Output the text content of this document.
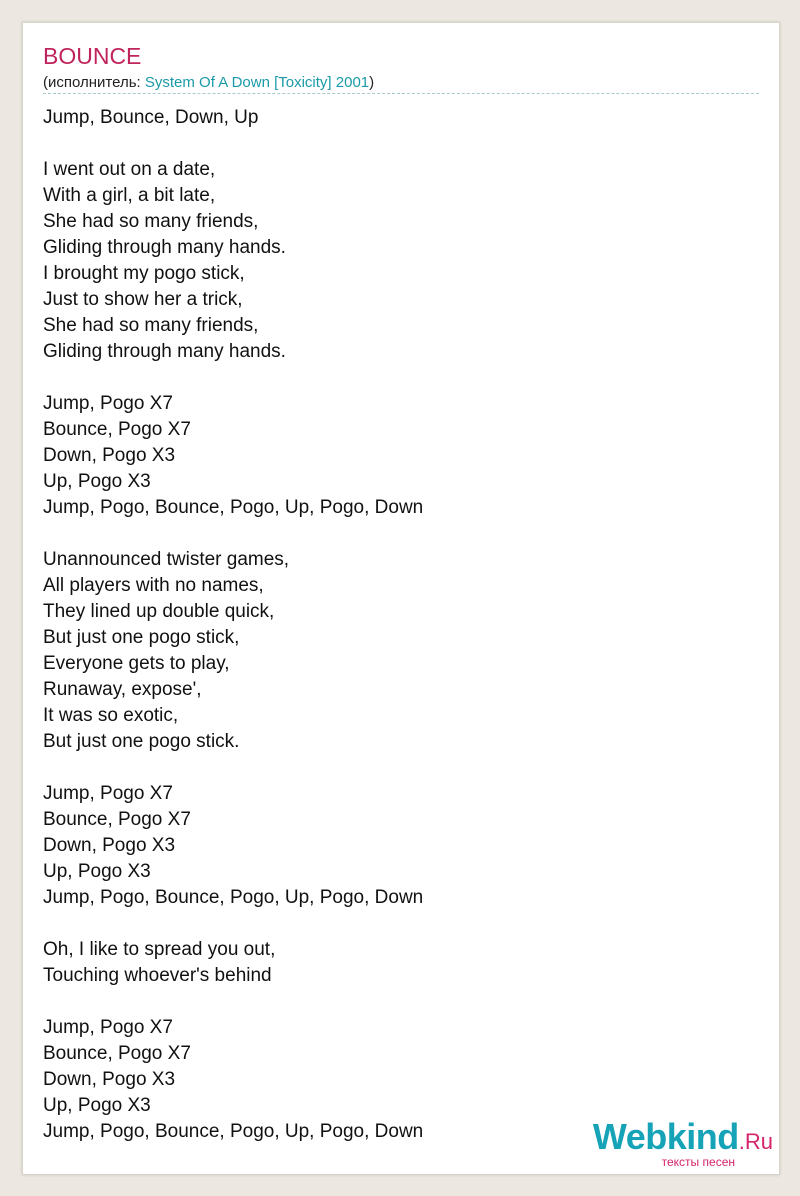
BOUNCE
(исполнитель: System Of A Down [Toxicity] 2001)
Jump, Bounce, Down, Up
I went out on a date,
With a girl, a bit late,
She had so many friends,
Gliding through many hands.
I brought my pogo stick,
Just to show her a trick,
She had so many friends,
Gliding through many hands.
Jump, Pogo X7
Bounce, Pogo X7
Down, Pogo X3
Up, Pogo X3
Jump, Pogo, Bounce, Pogo, Up, Pogo, Down
Unannounced twister games,
All players with no names,
They lined up double quick,
But just one pogo stick,
Everyone gets to play,
Runaway, expose',
It was so exotic,
But just one pogo stick.
Jump, Pogo X7
Bounce, Pogo X7
Down, Pogo X3
Up, Pogo X3
Jump, Pogo, Bounce, Pogo, Up, Pogo, Down
Oh, I like to spread you out,
Touching whoever's behind
Jump, Pogo X7
Bounce, Pogo X7
Down, Pogo X3
Up, Pogo X3
Jump, Pogo, Bounce, Pogo, Up, Pogo, Down	Webkind.Ru
тексты песен
